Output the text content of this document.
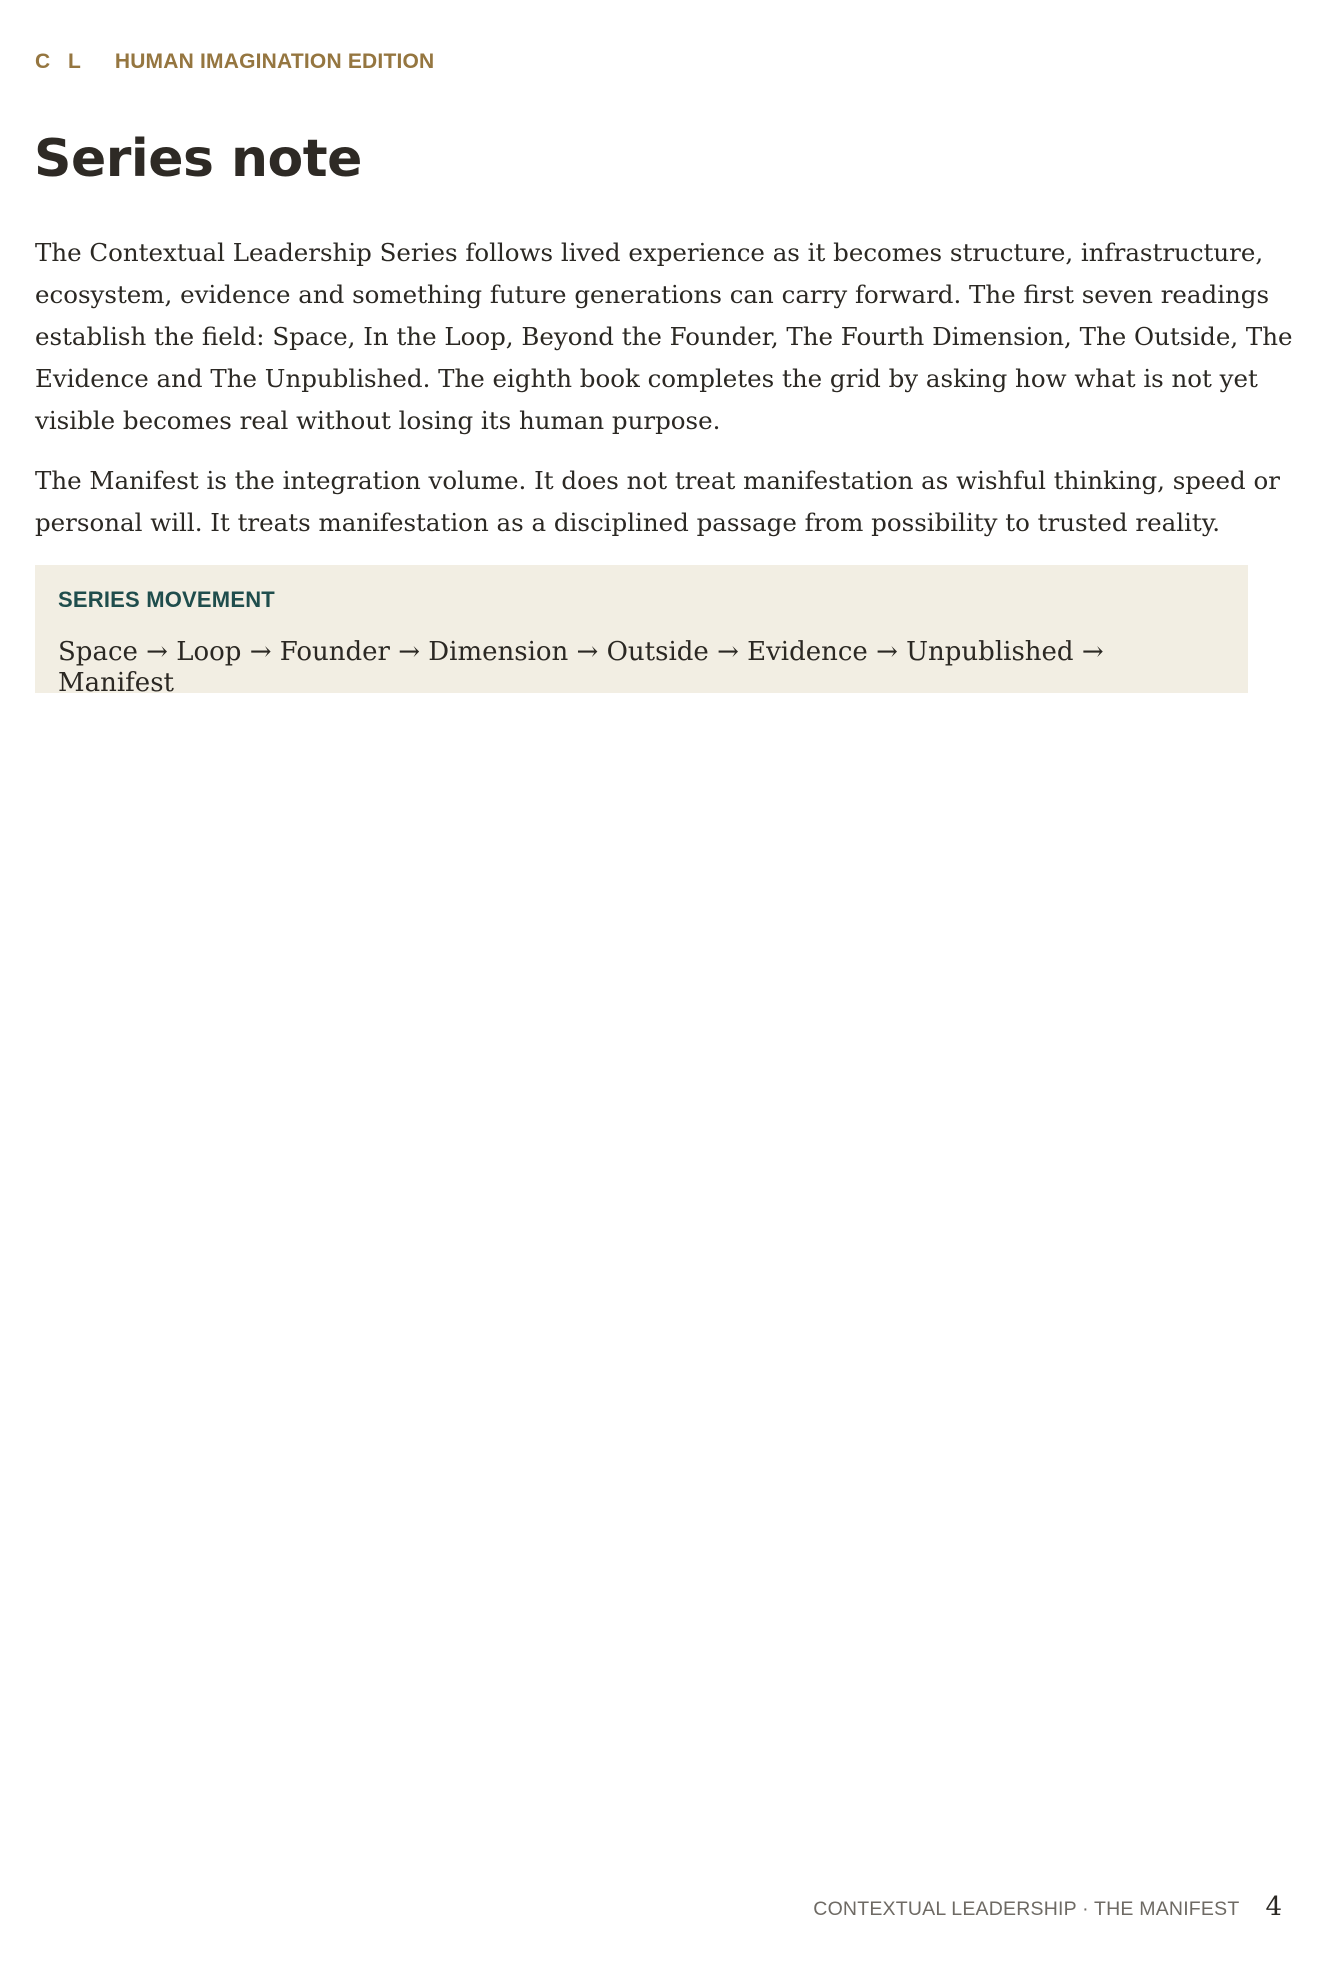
C L HUMAN IMAGINATION EDITION
Series note

The Contextual Leadership Series follows lived experience as it becomes structure, infrastructure, ecosystem, evidence and something future generations can carry forward. The first seven readings establish the field: Space, In the Loop, Beyond the Founder, The Fourth Dimension, The Outside, The Evidence and The Unpublished. The eighth book completes the grid by asking how what is not yet visible becomes real without losing its human purpose.

The Manifest is the integration volume. It does not treat manifestation as wishful thinking, speed or personal will. It treats manifestation as a disciplined passage from possibility to trusted reality.

SERIES MOVEMENT
Space → Loop → Founder → Dimension → Outside → Evidence → Unpublished → Manifest
CONTEXTUAL LEADERSHIP · THE MANIFEST 4
